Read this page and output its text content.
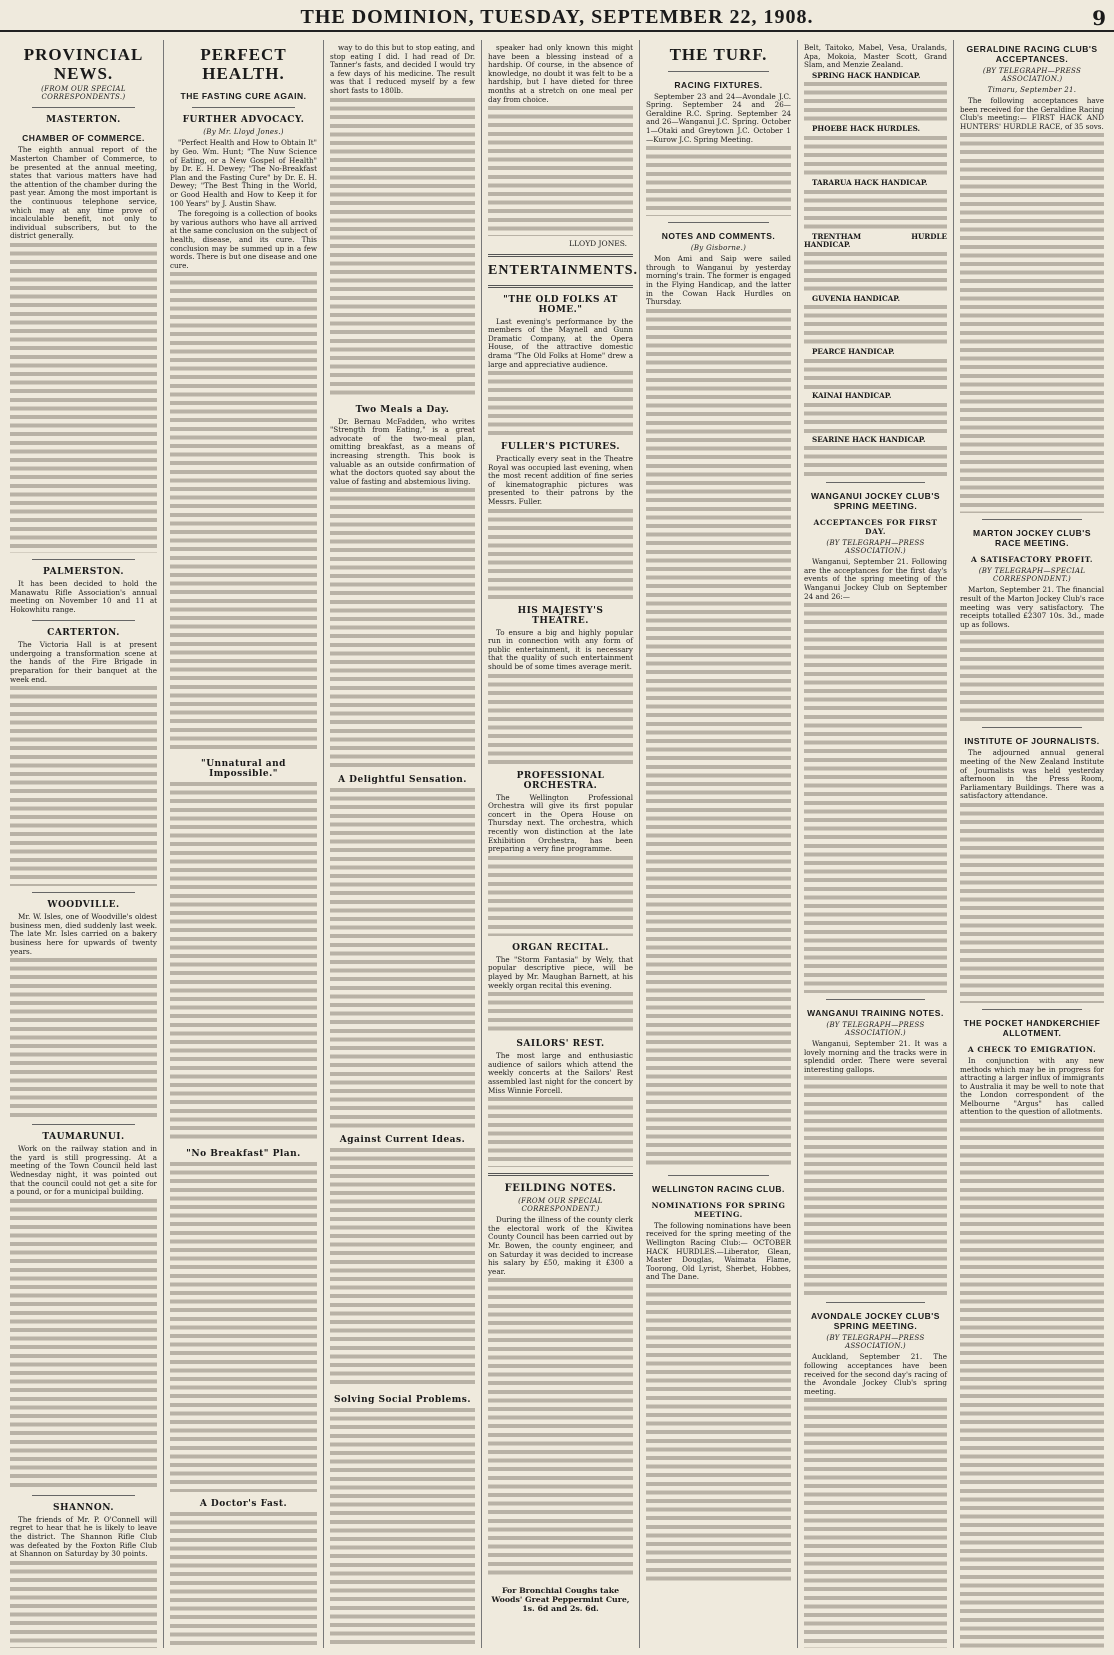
THE DOMINION, TUESDAY, SEPTEMBER 22, 1908.	9
PROVINCIAL NEWS.
(FROM OUR SPECIAL CORRESPONDENTS.)
MASTERTON.
CHAMBER OF COMMERCE.

The eighth annual report of the Masterton Chamber of Commerce, to be presented at the annual meeting, states that various matters have had the attention of the chamber during the past year. Among the most important is the continuous telephone service, which may at any time prove of incalculable benefit, not only to individual subscribers, but to the district generally.

PALMERSTON.

It has been decided to hold the Manawatu Rifle Association's annual meeting on November 10 and 11 at Hokowhitu range.

CARTERTON.

The Victoria Hall is at present undergoing a transformation scene at the hands of the Fire Brigade in preparation for their banquet at the week end.

WOODVILLE.

Mr. W. Isles, one of Woodville's oldest business men, died suddenly last week. The late Mr. Isles carried on a bakery business here for upwards of twenty years.

TAUMARUNUI.

Work on the railway station and in the yard is still progressing. At a meeting of the Town Council held last Wednesday night, it was pointed out that the council could not get a site for a pound, or for a municipal building.

SHANNON.

The friends of Mr. P. O'Connell will regret to hear that he is likely to leave the district. The Shannon Rifle Club was defeated by the Foxton Rifle Club at Shannon on Saturday by 30 points.

PERFECT HEALTH.
THE FASTING CURE AGAIN.
FURTHER ADVOCACY.
(By Mr. Lloyd Jones.)

"Perfect Health and How to Obtain It" by Geo. Wm. Hunt; "The Nuw Science of Eating, or a New Gospel of Health" by Dr. E. H. Dewey; "The No-Breakfast Plan and the Fasting Cure" by Dr. E. H. Dewey; "The Best Thing in the World, or Good Health and How to Keep it for 100 Years" by J. Austin Shaw.

The foregoing is a collection of books by various authors who have all arrived at the same conclusion on the subject of health, disease, and its cure. This conclusion may be summed up in a few words. There is but one disease and one cure.

"Unnatural and Impossible."
"No Breakfast" Plan.
A Doctor's Fast.

way to do this but to stop eating, and stop eating I did. I had read of Dr. Tanner's fasts, and decided I would try a few days of his medicine. The result was that I reduced myself by a few short fasts to 180lb.

Two Meals a Day.

Dr. Bernau McFadden, who writes "Strength from Eating," is a great advocate of the two-meal plan, omitting breakfast, as a means of increasing strength. This book is valuable as an outside confirmation of what the doctors quoted say about the value of fasting and abstemious living.

A Delightful Sensation.
Against Current Ideas.
Solving Social Problems.

speaker had only known this might have been a blessing instead of a hardship. Of course, in the absence of knowledge, no doubt it was felt to be a hardship, but I have dieted for three months at a stretch on one meal per day from choice.

LLOYD JONES.
ENTERTAINMENTS.
"THE OLD FOLKS AT HOME."

Last evening's performance by the members of the Maynell and Gunn Dramatic Company, at the Opera House, of the attractive domestic drama "The Old Folks at Home" drew a large and appreciative audience.

FULLER'S PICTURES.

Practically every seat in the Theatre Royal was occupied last evening, when the most recent addition of fine series of kinematographic pictures was presented to their patrons by the Messrs. Fuller.

HIS MAJESTY'S THEATRE.

To ensure a big and highly popular run in connection with any form of public entertainment, it is necessary that the quality of such entertainment should be of some times average merit.

PROFESSIONAL ORCHESTRA.

The Wellington Professional Orchestra will give its first popular concert in the Opera House on Thursday next. The orchestra, which recently won distinction at the late Exhibition Orchestra, has been preparing a very fine programme.

ORGAN RECITAL.

The "Storm Fantasia" by Wely, that popular descriptive piece, will be played by Mr. Maughan Barnett, at his weekly organ recital this evening.

SAILORS' REST.

The most large and enthusiastic audience of sailors which attend the weekly concerts at the Sailors' Rest assembled last night for the concert by Miss Winnie Forcell.

FEILDING NOTES.
(FROM OUR SPECIAL CORRESPONDENT.)

During the illness of the county clerk the electoral work of the Kiwitea County Council has been carried out by Mr. Bowen, the county engineer, and on Saturday it was decided to increase his salary by £50, making it £300 a year.

For Bronchial Coughs take Woods' Great Peppermint Cure, 1s. 6d and 2s. 6d.
THE TURF.
RACING FIXTURES.

September 23 and 24—Avondale J.C. Spring. September 24 and 26—Geraldine R.C. Spring. September 24 and 26—Wanganui J.C. Spring. October 1—Otaki and Greytown J.C. October 1—Kurow J.C. Spring Meeting.

NOTES AND COMMENTS.
(By Gisborne.)

Mon Ami and Saip were sailed through to Wanganui by yesterday morning's train. The former is engaged in the Flying Handicap, and the latter in the Cowan Hack Hurdles on Thursday.

WELLINGTON RACING CLUB.
NOMINATIONS FOR SPRING MEETING.

The following nominations have been received for the spring meeting of the Wellington Racing Club:— OCTOBER HACK HURDLES.—Liberator, Glean, Master Douglas, Waimata Flame, Toorong, Old Lyrist, Sherbet, Hobbes, and The Dane.

Belt, Taitoko, Mabel, Vesa, Uralands, Apa, Mokoia, Master Scott, Grand Slam, and Menzie Zealand.

SPRING HACK HANDICAP.

PHOEBE HACK HURDLES.

TARARUA HACK HANDICAP.

TRENTHAM HURDLE HANDICAP.

GUVENIA HANDICAP.

PEARCE HANDICAP.

KAINAI HANDICAP.

SEARINE HACK HANDICAP.

WANGANUI JOCKEY CLUB'S SPRING MEETING.
ACCEPTANCES FOR FIRST DAY.
(BY TELEGRAPH—PRESS ASSOCIATION.)

Wanganui, September 21. Following are the acceptances for the first day's events of the spring meeting of the Wanganui Jockey Club on September 24 and 26:—

WANGANUI TRAINING NOTES.
(BY TELEGRAPH—PRESS ASSOCIATION.)

Wanganui, September 21. It was a lovely morning and the tracks were in splendid order. There were several interesting gallops.

AVONDALE JOCKEY CLUB'S SPRING MEETING.
(BY TELEGRAPH—PRESS ASSOCIATION.)

Auckland, September 21. The following acceptances have been received for the second day's racing of the Avondale Jockey Club's spring meeting.

GERALDINE RACING CLUB'S ACCEPTANCES.
(BY TELEGRAPH—PRESS ASSOCIATION.)
Timaru, September 21.

The following acceptances have been received for the Geraldine Racing Club's meeting:— FIRST HACK AND HUNTERS' HURDLE RACE, of 35 sovs.

MARTON JOCKEY CLUB'S RACE MEETING.
A SATISFACTORY PROFIT.
(BY TELEGRAPH—SPECIAL CORRESPONDENT.)

Marton, September 21. The financial result of the Marton Jockey Club's race meeting was very satisfactory. The receipts totalled £2307 10s. 3d., made up as follows.

INSTITUTE OF JOURNALISTS.

The adjourned annual general meeting of the New Zealand Institute of Journalists was held yesterday afternoon in the Press Room, Parliamentary Buildings. There was a satisfactory attendance.

THE POCKET HANDKERCHIEF ALLOTMENT.
A CHECK TO EMIGRATION.

In conjunction with any new methods which may be in progress for attracting a larger influx of immigrants to Australia it may be well to note that the London correspondent of the Melbourne "Argus" has called attention to the question of allotments.
